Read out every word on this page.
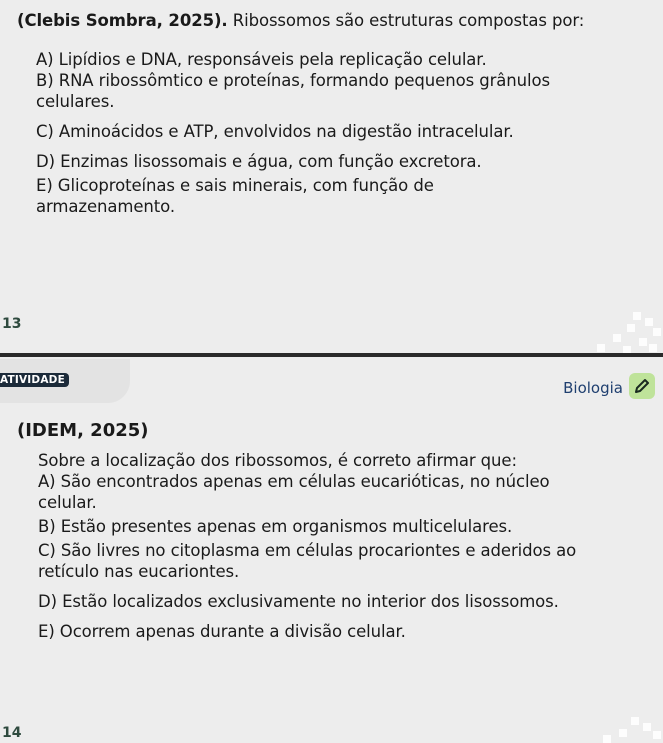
(Clebis Sombra, 2025). Ribossomos são estruturas compostas por:

A) Lipídios e DNA, responsáveis pela replicação celular.

B) RNA ribossômtico e proteínas, formando pequenos grânulos

celulares.

C) Aminoácidos e ATP, envolvidos na digestão intracelular.

D) Enzimas lisossomais e água, com função excretora.

E) Glicoproteínas e sais minerais, com função de

armazenamento.

13
ATIVIDADE	Biologia
(IDEM, 2025)

Sobre a localização dos ribossomos, é correto afirmar que:

A) São encontrados apenas em células eucarióticas, no núcleo

celular.

B) Estão presentes apenas em organismos multicelulares.

C) São livres no citoplasma em células procariontes e aderidos ao

retículo nas eucariontes.

D) Estão localizados exclusivamente no interior dos lisossomos.

E) Ocorrem apenas durante a divisão celular.

14
